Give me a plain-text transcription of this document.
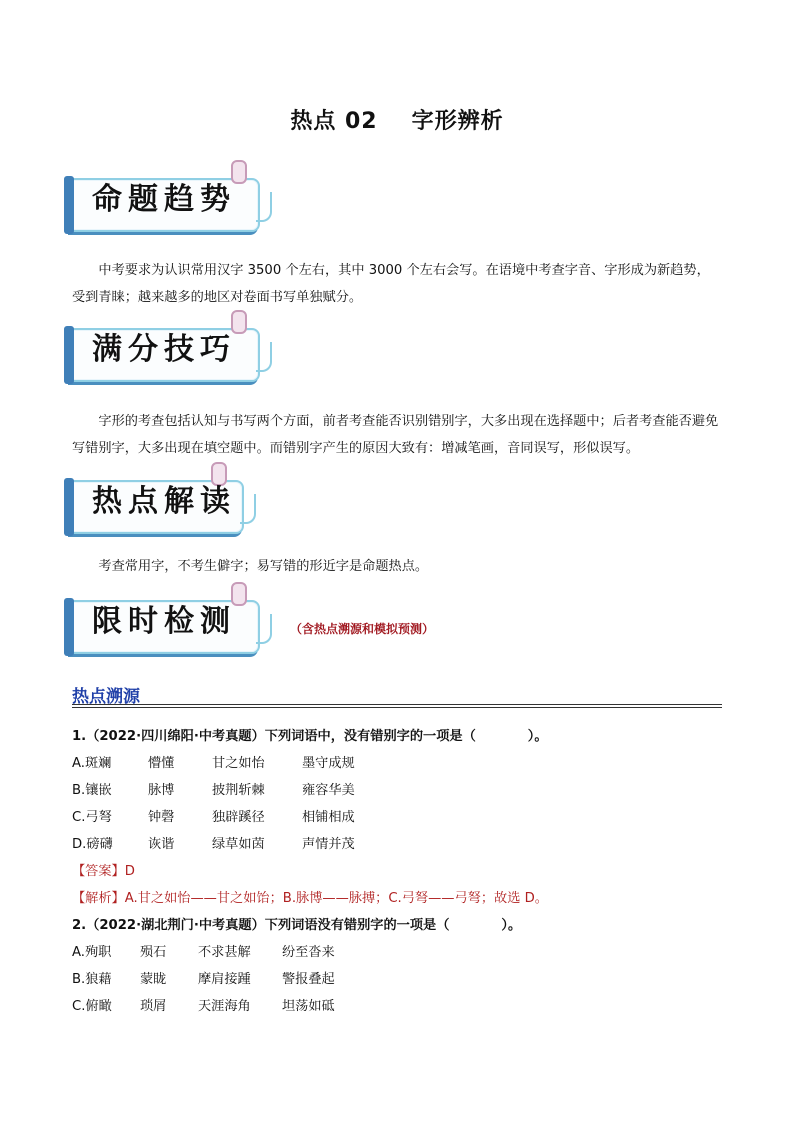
热点 02 字形辨析
命题趋势
中考要求为认识常用汉字 3500 个左右，其中 3000 个左右会写。在语境中考查字音、字形成为新趋势，受到青睐；越来越多的地区对卷面书写单独赋分。
满分技巧
字形的考查包括认知与书写两个方面，前者考查能否识别错别字，大多出现在选择题中；后者考查能否避免写错别字，大多出现在填空题中。而错别字产生的原因大致有：增减笔画，音同误写，形似误写。
热点解读
考查常用字，不考生僻字；易写错的形近字是命题热点。
限时检测	（含热点溯源和模拟预测）
热点溯源
1.（2022·四川绵阳·中考真题）下列词语中，没有错别字的一项是（	）。
A.斑斓	懵懂	甘之如怡	墨守成规
B.镶嵌	脉博	披荆斩棘	雍容华美
C.弓弩	钟磬	独辟蹊径	相铺相成
D.磅礴	诙谐	绿草如茵	声情并茂
【答案】D
【解析】A.甘之如怡——甘之如饴；B.脉博——脉搏；C.弓弩——弓弩；故选 D。
2.（2022·湖北荆门·中考真题）下列词语没有错别字的一项是（	）。
A.殉职 殒石 不求甚解 纷至沓来
B.狼藉 蒙眬 摩肩接踵 警报叠起
C.俯瞰 琐屑 天涯海角 坦荡如砥
